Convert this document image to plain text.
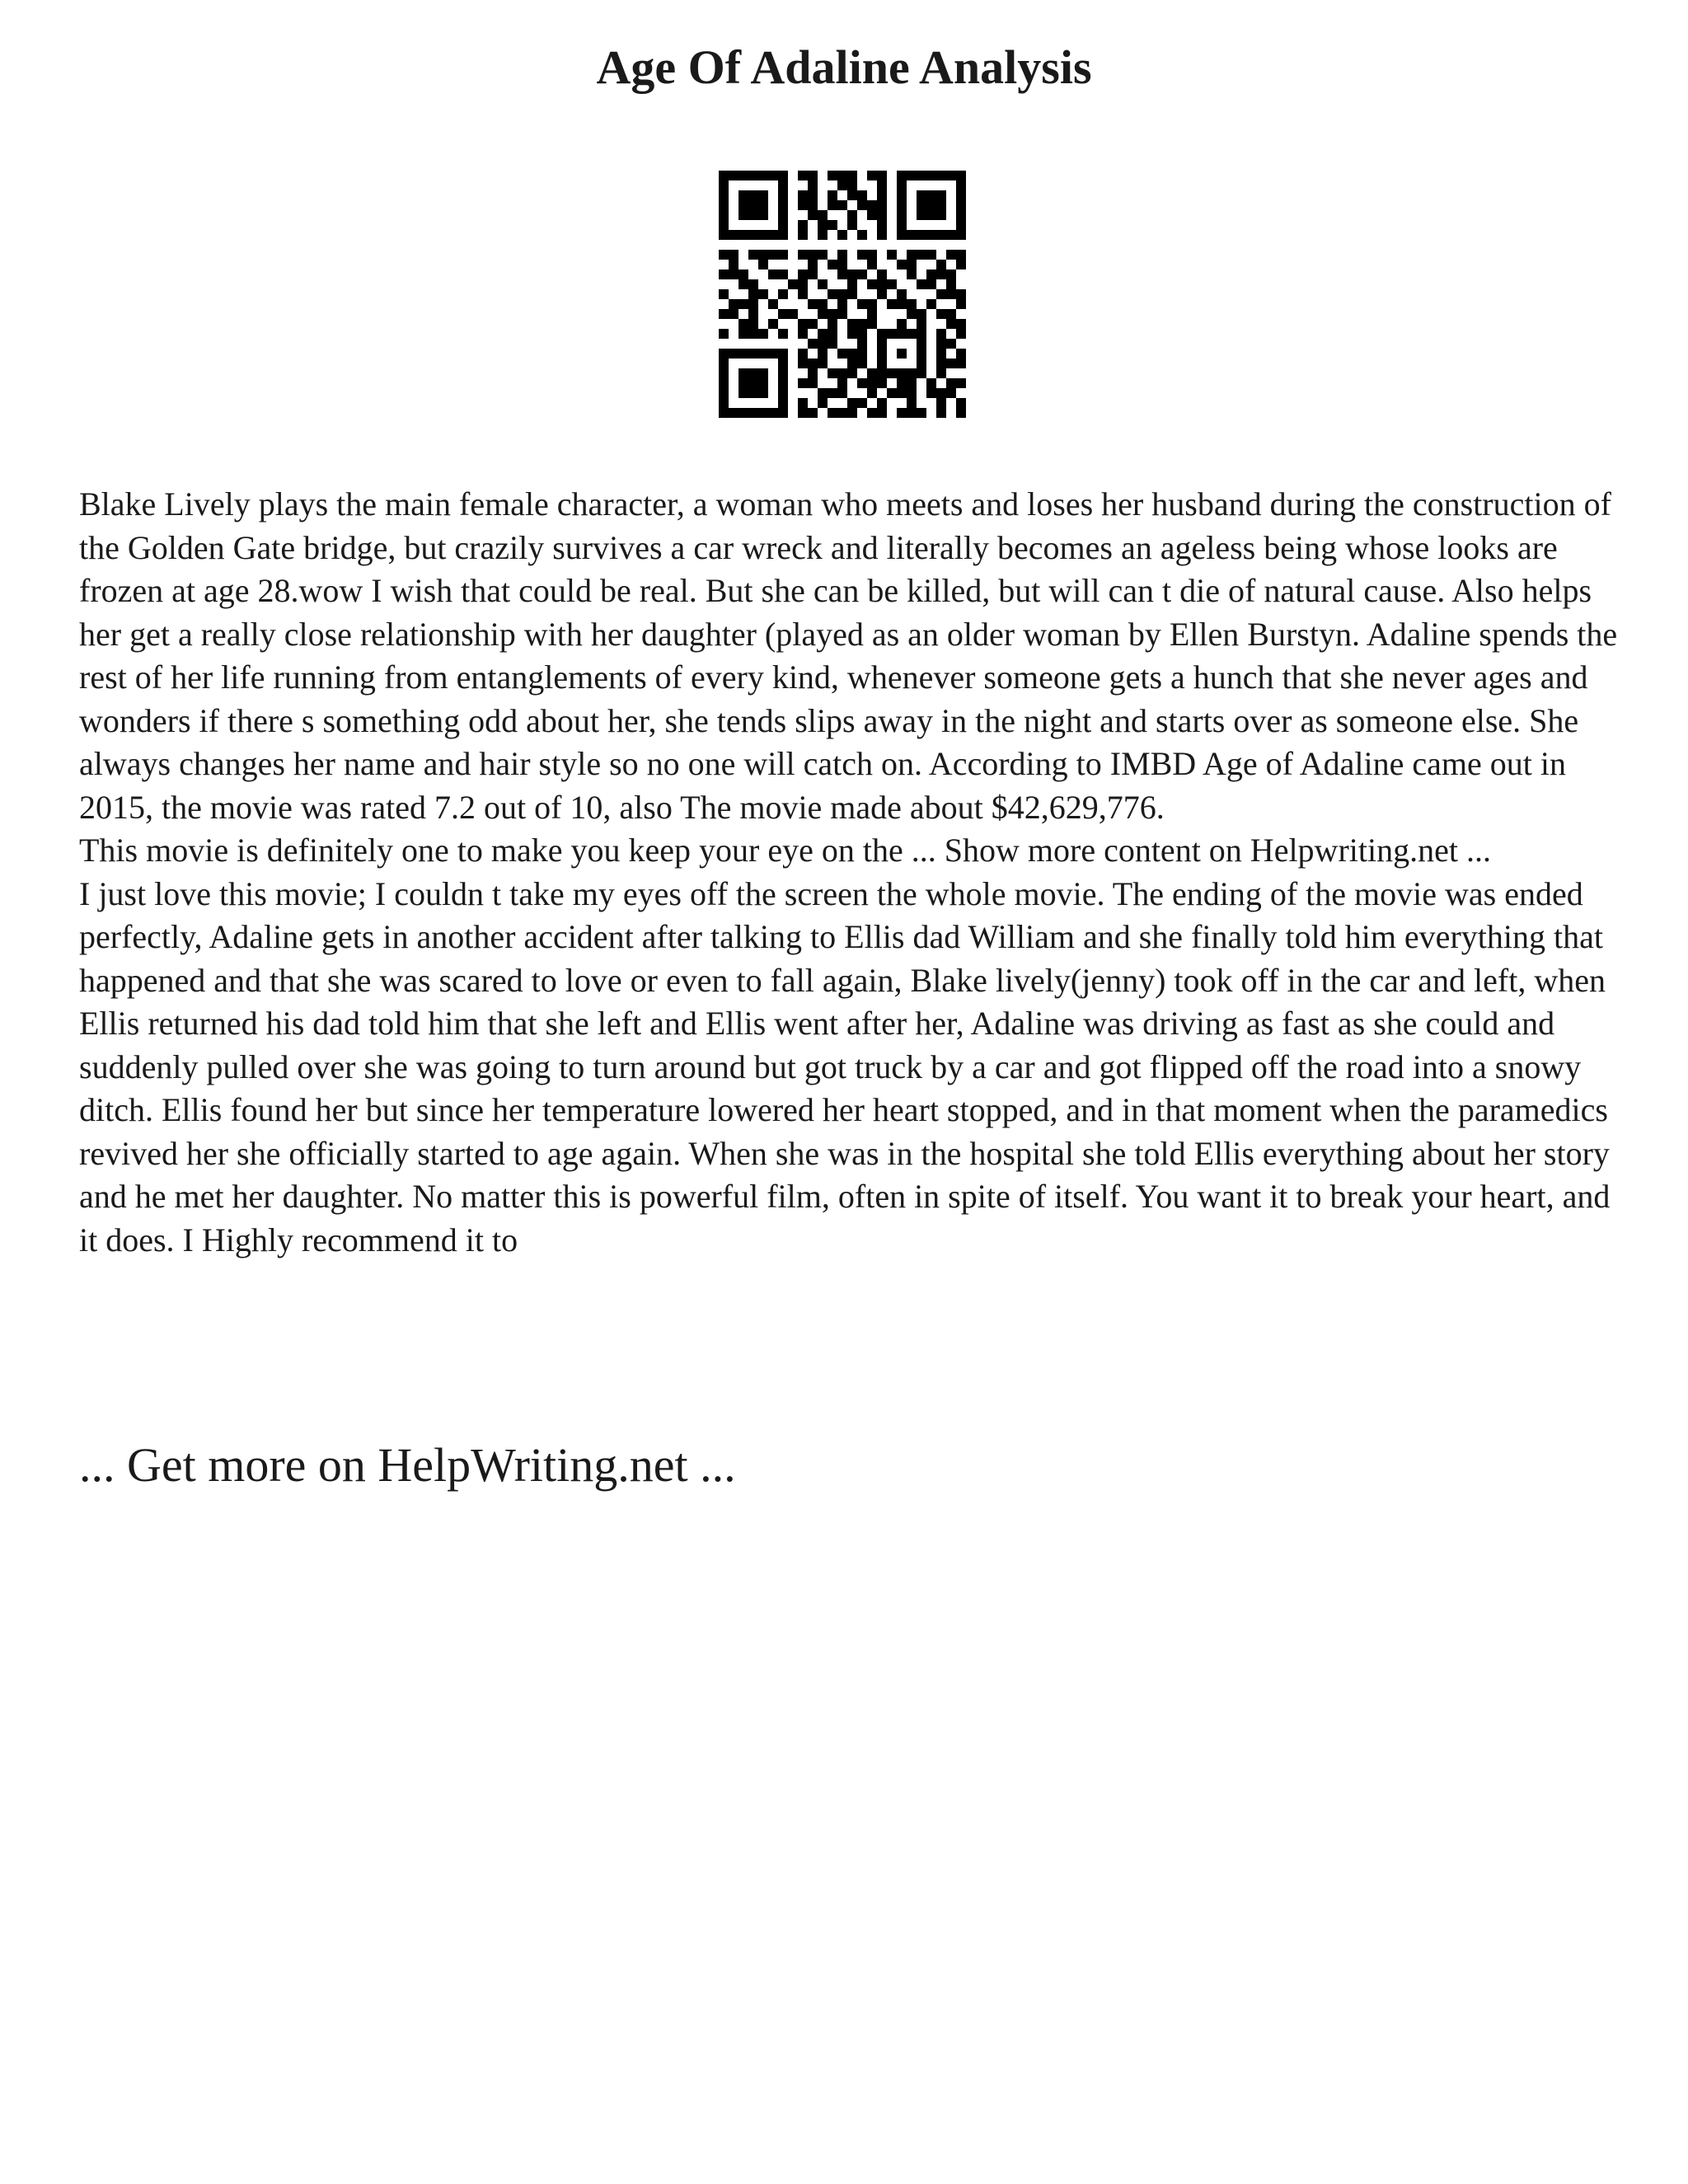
Age Of Adaline Analysis

Blake Lively plays the main female character, a woman who meets and loses her husband during the construction of the Golden Gate bridge, but crazily survives a car wreck and literally becomes an ageless being whose looks are frozen at age 28.wow I wish that could be real. But she can be killed, but will can t die of natural cause. Also helps her get a really close relationship with her daughter (played as an older woman by Ellen Burstyn. Adaline spends the rest of her life running from entanglements of every kind, whenever someone gets a hunch that she never ages and wonders if there s something odd about her, she tends slips away in the night and starts over as someone else. She always changes her name and hair style so no one will catch on. According to IMBD Age of Adaline came out in 2015, the movie was rated 7.2 out of 10, also The movie made about $42,629,776.

This movie is definitely one to make you keep your eye on the ... Show more content on Helpwriting.net ...

I just love this movie; I couldn t take my eyes off the screen the whole movie. The ending of the movie was ended perfectly, Adaline gets in another accident after talking to Ellis dad William and she finally told him everything that happened and that she was scared to love or even to fall again, Blake lively(jenny) took off in the car and left, when Ellis returned his dad told him that she left and Ellis went after her, Adaline was driving as fast as she could and suddenly pulled over she was going to turn around but got truck by a car and got flipped off the road into a snowy ditch. Ellis found her but since her temperature lowered her heart stopped, and in that moment when the paramedics revived her she officially started to age again. When she was in the hospital she told Ellis everything about her story and he met her daughter. No matter this is powerful film, often in spite of itself. You want it to break your heart, and it does. I Highly recommend it to

... Get more on HelpWriting.net ...
